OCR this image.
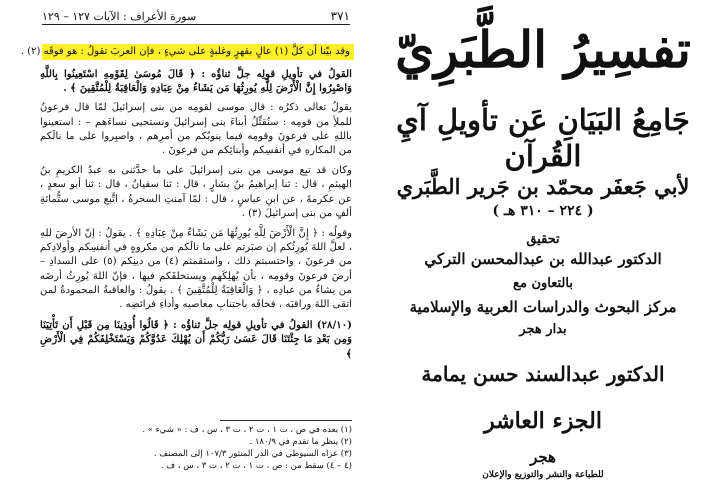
٣٧١
سورة الأعراف : الآيات ١٢٧ – ١٢٩
وقد بيّنا أن كلَّ (١) عالٍ بقهرٍ وغلبةٍ على شيءٍ ، فإن العربَ تقولُ : هو فوقَه (٢) .

القولُ في تأويلِ قولِه جلَّ ثناؤُه : ﴿ قَالَ مُوسَىٰ لِقَوْمِهِ اسْتَعِينُوا بِاللَّهِ وَاصْبِرُوا إِنَّ الْأَرْضَ لِلَّهِ يُورِثُهَا مَن يَشَاءُ مِنْ عِبَادِهِ وَالْعَاقِبَةُ لِلْمُتَّقِينَ ﴾ .

يقولُ تعالى ذكرُه : قال موسى لقومِه من بنى إسرائيلَ لمّا قال فرعونُ للملأِ من قومِه : سنُقتِّلُ أبناءَ بنى إسرائيلَ ونستحيى نساءَهم – : استعينوا باللهِ على فرعونَ وقومِه فيما ينوبُكم من أمرِهم ، واصبِروا على ما نالَكم من المكارهِ في أنفسِكم وأبنائِكم من فرعونَ .

وكان قد تبِع موسى من بنى إسرائيلَ على ما حدَّثنى به عبدُ الكريمِ بنُ الهيثمِ ، قال : ثنا إبراهيمُ بنُ بشارٍ ، قال : ثنا سفيانُ ، قال : ثنا أبو سعدٍ ، عن عكرمةَ ، عن ابنِ عباسٍ ، قال : لمّا آمنتِ السحرةُ ، اتَّبع موسى ستُّمائةِ ألفٍ من بنى إسرائيلَ (٣) .

وقولُه : ﴿ إِنَّ الْأَرْضَ لِلَّهِ يُورِثُهَا مَن يَشَاءُ مِنْ عِبَادِهِ ﴾ . يقولُ : إنّ الأرضَ للهِ ، لعلَّ اللهَ يُورِثُكم إن صبَرتم على ما نالَكم من مكروهٍ في أنفسِكم وأولادِكم من فرعونَ ، واحتسبتم ذلك ، واستقمتم (٤) من دينِكم (٥) على السدادِ – أرضَ فرعونَ وقومِه ، بأن يُهلِكَهم ويستخلفَكم فيها ، فإنّ اللهَ يُورِثُ أرضَه من يشاءُ من عبادِه ، ﴿ وَالْعَاقِبَةُ لِلْمُتَّقِينَ ﴾ . يقولُ : والعاقبةُ المحمودةُ لمن اتقى اللهَ وراقبَه ، فخافَه باجتنابِ معاصيه وأداءِ فرائضِه .

(٢٨/١٠) القولُ في تأويلِ قولِه جلَّ ثناؤُه : ﴿ قَالُوا أُوذِينَا مِن قَبْلِ أَن تَأْتِيَنَا وَمِن بَعْدِ مَا جِئْتَنَا قَالَ عَسَىٰ رَبُّكُمْ أَن يُهْلِكَ عَدُوَّكُمْ وَيَسْتَخْلِفَكُمْ فِي الْأَرْضِ ﴾

(١) بعده في ص ، ت ١ ، ت ٢ ، ت ٣ ، س ، ف : « شيء » .
(٢) ينظر ما تقدم في ١٨٠/٩ .
(٣) عزاه السيوطي في الدر المنثور ١٠٧/٣ إلى المصنف .
(٤ – ٤) سقط من : ص ، ت ١ ، ت ٢ ، ت ٣ ، س ، ف .
تفسِيرُ الطَّبَرِيّ
جَامِعُ البَيَانِ عَن تأويلِ آيِ القُرآن
لأبي جَعفَر محمّد بن جَرير الطَّبَري
( ٢٢٤ – ٣١٠ هـ )
تحقيق
الدكتور عبدالله بن عبدالمحسن التركي
بالتعاون مع
مركز البحوث والدراسات العربية والإسلامية
بدار هجر
الدكتور عبدالسند حسن يمامة
الجزء العاشر
هجر
للطباعة والنشر والتوزيع والإعلان
